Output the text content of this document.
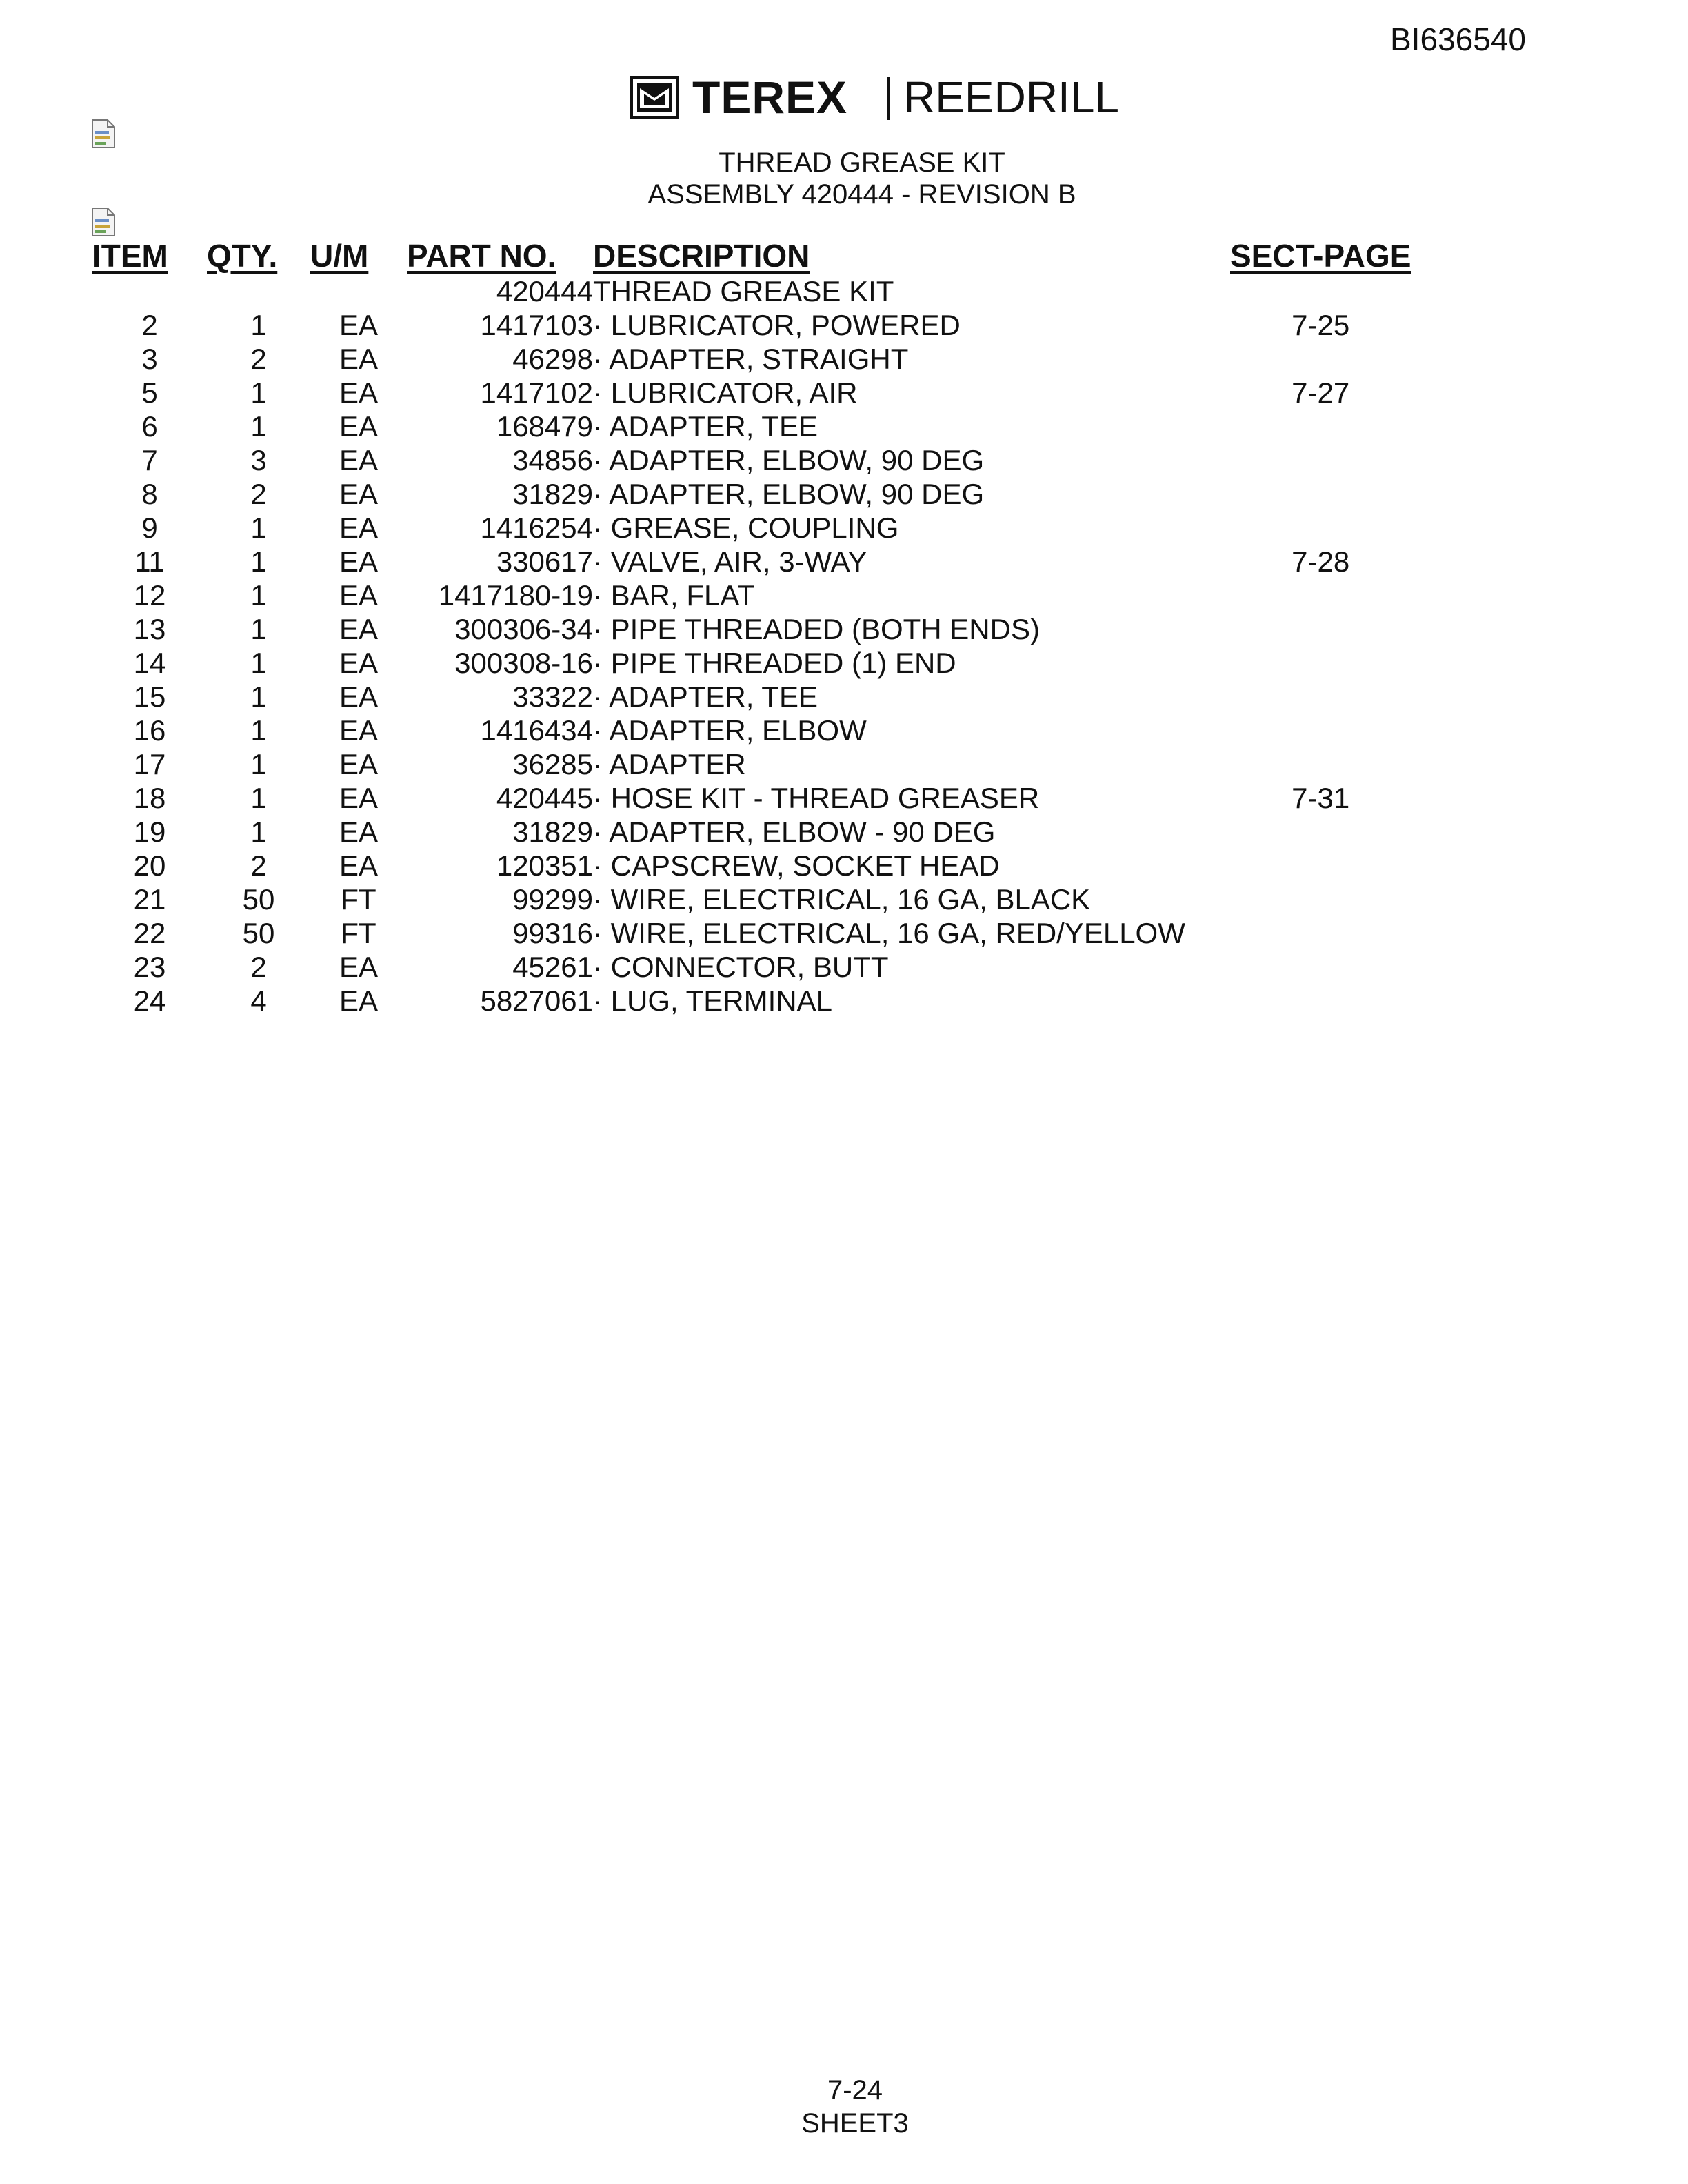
BI636540
TEREX REEDRILL
THREAD GREASE KIT
ASSEMBLY 420444 - REVISION B
ITEM	QTY.	U/M	PART NO.	DESCRIPTION	SECT-PAGE
			420444	THREAD GREASE KIT	
2	1	EA	1417103	· LUBRICATOR, POWERED	7-25
3	2	EA	46298	· ADAPTER, STRAIGHT	
5	1	EA	1417102	· LUBRICATOR, AIR	7-27
6	1	EA	168479	· ADAPTER, TEE	
7	3	EA	34856	· ADAPTER, ELBOW, 90 DEG	
8	2	EA	31829	· ADAPTER, ELBOW, 90 DEG	
9	1	EA	1416254	· GREASE, COUPLING	
11	1	EA	330617	· VALVE, AIR, 3-WAY	7-28
12	1	EA	1417180-19	· BAR, FLAT	
13	1	EA	300306-34	· PIPE THREADED (BOTH ENDS)	
14	1	EA	300308-16	· PIPE THREADED (1) END	
15	1	EA	33322	· ADAPTER, TEE	
16	1	EA	1416434	· ADAPTER, ELBOW	
17	1	EA	36285	· ADAPTER	
18	1	EA	420445	· HOSE KIT - THREAD GREASER	7-31
19	1	EA	31829	· ADAPTER, ELBOW - 90 DEG	
20	2	EA	120351	· CAPSCREW, SOCKET HEAD	
21	50	FT	99299	· WIRE, ELECTRICAL, 16 GA, BLACK	
22	50	FT	99316	· WIRE, ELECTRICAL, 16 GA, RED/YELLOW	
23	2	EA	45261	· CONNECTOR, BUTT	
24	4	EA	5827061	· LUG, TERMINAL	
7-24
SHEET3
